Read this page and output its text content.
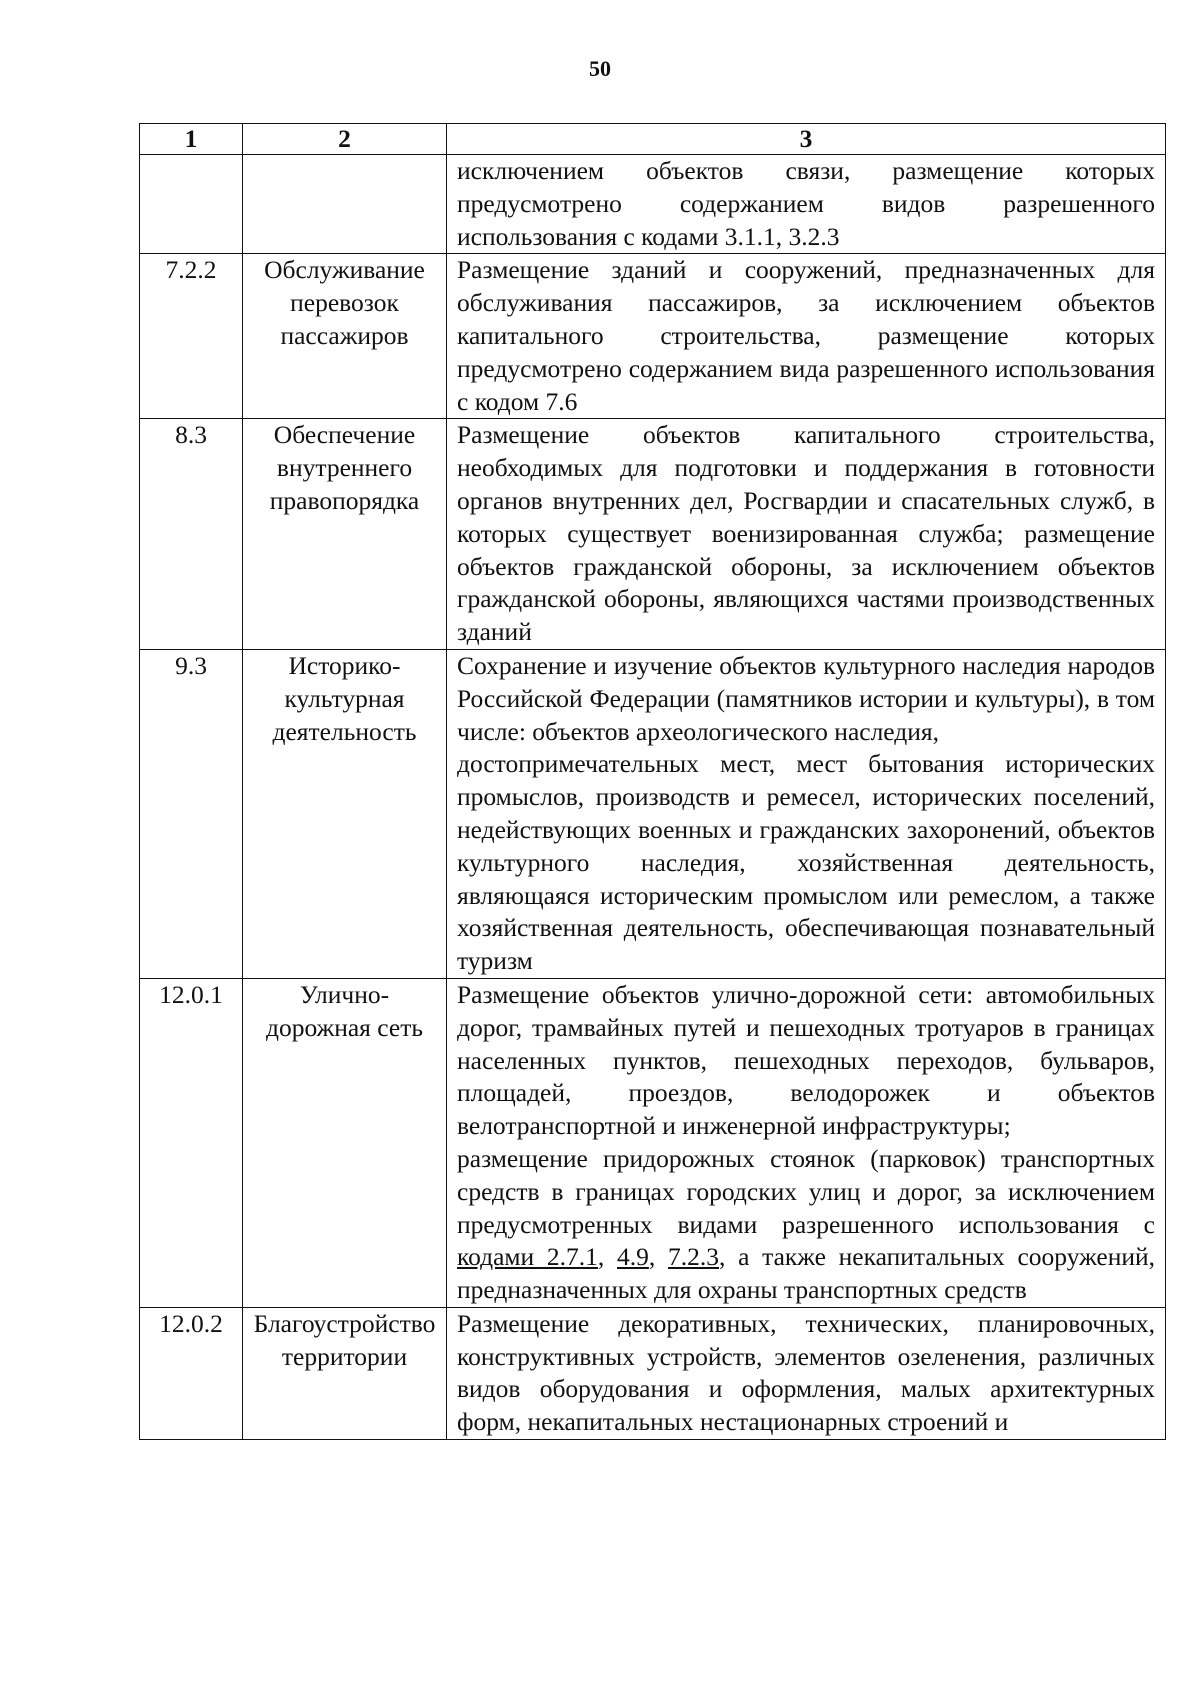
50
1	2	3

		исключением объектов связи, размещение которых предусмотрено содержанием видов разрешенного использования с кодами 3.1.1, 3.2.3

7.2.2	Обслуживание перевозок пассажиров	Размещение зданий и сооружений, предназначенных для обслуживания пассажиров, за исключением объектов капитального строительства, размещение которых предусмотрено содержанием вида разрешенного использования с кодом 7.6

8.3	Обеспечение внутреннего правопорядка	Размещение объектов капитального строительства, необходимых для подготовки и поддержания в готовности органов внутренних дел, Росгвардии и спасательных служб, в которых существует военизированная служба; размещение объектов гражданской обороны, за исключением объектов гражданской обороны, являющихся частями производственных зданий

9.3	Историко-культурная деятельность	Сохранение и изучение объектов культурного наследия народов Российской Федерации (памятников истории и культуры), в том числе: объектов археологического наследия,

достопримечательных мест, мест бытования исторических промыслов, производств и ремесел, исторических поселений, недействующих военных и гражданских захоронений, объектов культурного наследия, хозяйственная деятельность, являющаяся историческим промыслом или ремеслом, а также хозяйственная деятельность, обеспечивающая познавательный туризм

12.0.1	Улично-дорожная сеть	Размещение объектов улично-дорожной сети: автомобильных дорог, трамвайных путей и пешеходных тротуаров в границах населенных пунктов, пешеходных переходов, бульваров, площадей, проездов, велодорожек и объектов велотранспортной и инженерной инфраструктуры;

размещение придорожных стоянок (парковок) транспортных средств в границах городских улиц и дорог, за исключением предусмотренных видами разрешенного использования с кодами 2.7.1, 4.9, 7.2.3, а также некапитальных сооружений, предназначенных для охраны транспортных средств

12.0.2	Благоустройство территории	Размещение декоративных, технических, планировочных, конструктивных устройств, элементов озеленения, различных видов оборудования и оформления, малых архитектурных форм, некапитальных нестационарных строений и
